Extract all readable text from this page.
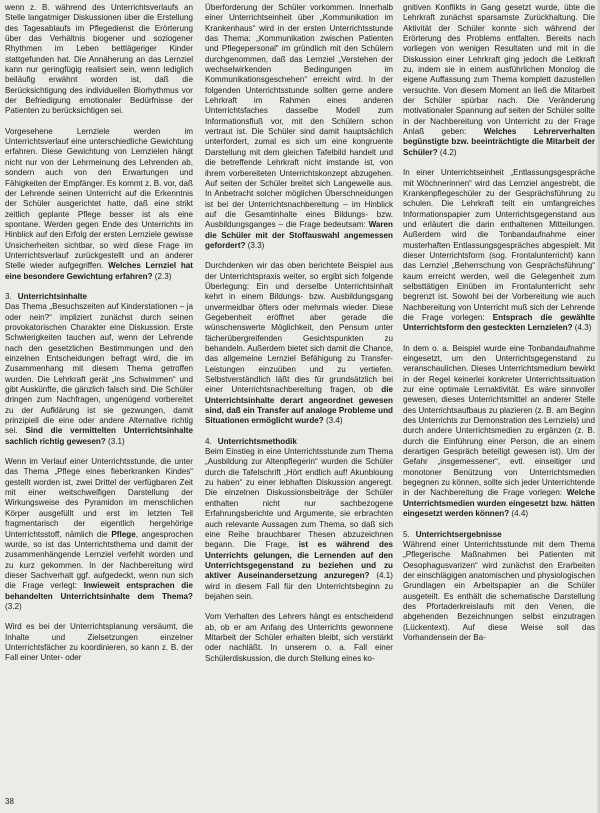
wenn z. B. während des Unterrichtsverlaufs an Stelle langatmiger Diskussionen über die Erstellung des Tagesablaufs im Pflegedienst die Erörterung über das Verhältnis biogener und soziogener Rhythmen im Leben bettlägeriger Kinder stattgefunden hat. Die Annäherung an das Lernziel kann nur geringfügig realisiert sein, wenn lediglich beiläufig erwähnt worden ist, daß die Berücksichtigung des individuellen Biorhythmus vor der Befriedigung emotionaler Bedürfnisse der Patienten zu berücksichtigen sei.

Vorgesehene Lernziele werden im Unterrichtsverlauf eine unterschiedliche Gewichtung erfahren. Diese Gewichtung von Lernzielen hängt nicht nur von der Lehrmeinung des Lehrenden ab, sondern auch von den Erwartungen und Fähigkeiten der Empfänger. Es kommt z. B. vor, daß der Lehrende seinen Unterricht auf die Erkenntnis der Schüler ausgerichtet hatte, daß eine strikt zeitlich geplante Pflege besser ist als eine spontane. Werden gegen Ende des Unterrichts im Hinblick auf den Erfolg der ersten Lernziele gewisse Unsicherheiten sichtbar, so wird diese Frage im Unterrichtsverlauf zurückgestellt und an anderer Stelle wieder aufgegriffen. Welches Lernziel hat eine besondere Gewichtung erfahren? (2.3)

3. Unterrichtsinhalte

Das Thema „Besuchszeiten auf Kinderstationen – ja oder nein?“ impliziert zunächst durch seinen provokatorischen Charakter eine Diskussion. Erste Schwierigkeiten tauchen auf, wenn der Lehrende nach den gesetzlichen Bestimmungen und den einzelnen Entscheidungen befragt wird, die im Zusammenhang mit diesem Thema getroffen wurden. Die Lehrkraft gerät „ins Schwimmen“ und gibt Auskünfte, die gänzlich falsch sind. Die Schüler dringen zum Nachfragen, ungenügend vorbereitet zu der Aufklärung ist sie gezwungen, damit prinzipiell die eine oder andere Alternative richtig sei. Sind die vermittelten Unterrichtsinhalte sachlich richtig gewesen? (3.1)

Wenn im Verlauf einer Unterrichtsstunde, die unter das Thema „Pflege eines fieberkranken Kindes“ gestellt worden ist, zwei Drittel der verfügbaren Zeit mit einer weitschweifigen Darstellung der Wirkungsweise des Pyramidon im menschlichen Körper ausgefüllt und erst im letzten Teil fragmentarisch der eigentlich hergehörige Unterrichtsstoff, nämlich die Pflege, angesprochen wurde, so ist das Unterrichtsthema und damit der zusammenhängende Lernziel verfehlt worden und zu kurz gekommen. In der Nachbereitung wird dieser Sachverhalt ggf. aufgedeckt, wenn nun sich die Frage verlegt: Inwieweit entsprachen die behandelten Unterrichtsinhalte dem Thema? (3.2)

Wird es bei der Unterrichtsplanung versäumt, die Inhalte und Zielsetzungen einzelner Unterrichtsfächer zu koordinieren, so kann z. B. der Fall einer Unter- oder

Überforderung der Schüler vorkommen. Innerhalb einer Unterrichtseinheit über „Kommunikation im Krankenhaus“ wird in der ersten Unterrichtsstunde das Thema: „Kommunikation zwischen Patienten und Pflegepersonal“ im gründlich mit den Schülern durchgenommen, daß das Lernziel „Verstehen der wechselwirkenden Bedingungen im Kommunikationsgeschehen“ erreicht wird. In der folgenden Unterrichtsstunde sollten gerne andere Lehrkraft im Rahmen eines anderen Unterrichtsfaches dasselbe Modell zum Informationsfluß vor, mit den Schülern schon vertraut ist. Die Schüler sind damit hauptsächlich unterfordert, zumal es sich um eine kongruente Darstellung mit dem gleichen Tafelbild handelt und die betreffende Lehrkraft nicht imstande ist, von ihrem vorbereiteten Unterrichtskonzept abzugehen. Auf seiten der Schüler breitet sich Langeweile aus. In Anbetracht solcher möglichen Überschneidungen ist bei der Unterrichtsnachbereitung – im Hinblick auf die Gesamtinhalte eines Bildungs- bzw. Ausbildungsganges – die Frage bedeutsam: Waren die Schüler mit der Stoffauswahl angemessen gefordert? (3.3)

Durchdenken wir das oben berichtete Beispiel aus der Unterrichtspraxis weiter, so ergibt sich folgende Überlegung: Ein und derselbe Unterrichtsinhalt kehrt in einem Bildungs- bzw. Ausbildungsgang unvermeidbar öfters oder mehrmals wieder. Diese Gegebenheit eröffnet aber gerade die wünschenswerte Möglichkeit, den Pensum unter fächerübergreifenden Gesichtspunkten zu behandeln. Außerdem bietet sich damit die Chance, das allgemeine Lernziel Befähigung zu Transfer-Leistungen einzuüben und zu vertiefen. Selbstverständlich läßt dies für grundsätzlich bei einer Unterrichtsnachbereitung fragen, ob die Unterrichtsinhalte derart angeordnet gewesen sind, daß ein Transfer auf analoge Probleme und Situationen ermöglicht wurde? (3.4)

4. Unterrichtsmethodik

Beim Einstieg in eine Unterrichtsstunde zum Thema „Ausbildung zur Altenpflegerin“ wurden die Schüler durch die Tafelschrift „Hört endlich auf! Akunbloung zu haben“ zu einer lebhaften Diskussion angeregt. Die einzelnen Diskussionsbeiträge der Schüler enthalten nicht nur sachbezogene Erfahrungsberichte und Argumente, sie erbrachten auch relevante Aussagen zum Thema, so daß sich eine Reihe brauchbarer Thesen abzuzeichnen begann. Die Frage, ist es während des Unterrichts gelungen, die Lernenden auf den Unterrichtsgegenstand zu beziehen und zu aktiver Auseinandersetzung anzuregen? (4.1) wird in diesem Fall für den Unterrichtsbeginn zu bejahen sein.

Vom Verhalten des Lehrers hängt es entscheidend ab, ob er am Anfang des Unterrichts gewonnene Mitarbeit der Schüler erhalten bleibt, sich verstärkt oder nachläßt. In unserem o. a. Fall einer Schülerdiskussion, die durch Stellung eines ko-

gnitiven Konflikts in Gang gesetzt wurde, übte die Lehrkraft zunächst sparsamste Zurückhaltung. Die Aktivität der Schüler konnte sich während der Erörterung des Problems entfalten. Bereits nach vorliegen von wenigen Resultaten und mit in die Diskussion einer Lehrkraft ging jedoch die Leitkraft zu, indem sie in einem ausführlichen Monolog die eigene Auffassung zum Thema komplett dazustellen versuchte. Von diesem Moment an ließ die Mitarbeit der Schüler spürbar nach. Die Veränderung motivationaler Spannung auf seiten der Schüler sollte in der Nachbereitung von Unterricht zu der Frage Anlaß geben: Welches Lehrerverhalten begünstigte bzw. beeinträchtigte die Mitarbeit der Schüler? (4.2)

In einer Unterrichtseinheit „Entlassungsgespräche mit Wöchnerinnen“ wird das Lernziel angestrebt, die Krankenpflegeschüler zu der Gesprächsführung zu schulen. Die Lehrkraft teilt ein umfangreiches Informationspapier zum Unterrichtsgegenstand aus und erläutert die darin enthaltenen Mitteilungen. Außerdem wird die Tonbandaufnahme einer musterhaften Entlassungsgespräches abgespielt. Mit dieser Unterrichtsform (sog. Frontalunterricht) kann das Lernziel „Beherrschung von Gesprächsführung“ kaum erreicht werden, weil die Gelegenheit zum selbsttätigen Einüben im Frontalunterricht sehr begrenzt ist. Sowohl bei der Vorbereitung wie auch Nachbereitung von Unterricht muß sich der Lehrende die Frage vorlegen: Entsprach die gewählte Unterrichtsform den gesteckten Lernzielen? (4.3)

In dem o. a. Beispiel wurde eine Tonbandaufnahme eingesetzt, um den Unterrichtsgegenstand zu veranschaulichen. Dieses Unterrichtsmedium bewirkt in der Regel keinerlei konkreter Unterrichtssituation zur eine optimale Lernaktivität. Es wäre sinnvoller gewesen, dieses Unterrichtsmittel an anderer Stelle des Unterrichtsaufbaus zu plazieren (z. B. am Beginn des Unterrichts zur Demonstration des Lernziels) und durch andere Unterrichtsmedien zu ergänzen (z. B. durch die Einführung einer Person, die an einem derartigen Gespräch beteiligt gewesen ist). Um der Gefahr „insgemessener“, evtl. einseitiger und monotoner Benützung von Unterrichtsmedien begegnen zu können, sollte sich jeder Unterrichtende in der Nachbereitung die Frage vorlegen: Welche Unterrichtsmedien wurden eingesetzt bzw. hätten eingesetzt werden können? (4.4)

5. Unterrichtsergebnisse

Während einer Unterrichtsstunde mit dem Thema „Pflegerische Maßnahmen bei Patienten mit Oesophagusvarizen“ wird zunächst den Erarbeiten der einschlägigen anatomischen und physiologischen Grundlagen ein Arbeitspapier an die Schüler ausgeteilt. Es enthält die schematische Darstellung des Pfortaderkreislaufs mit den Venen, die abgehenden Bezeichnungen selbst einzutragen (Lückentext). Auf diese Weise soll das Vorhandensein der Ba-

38
